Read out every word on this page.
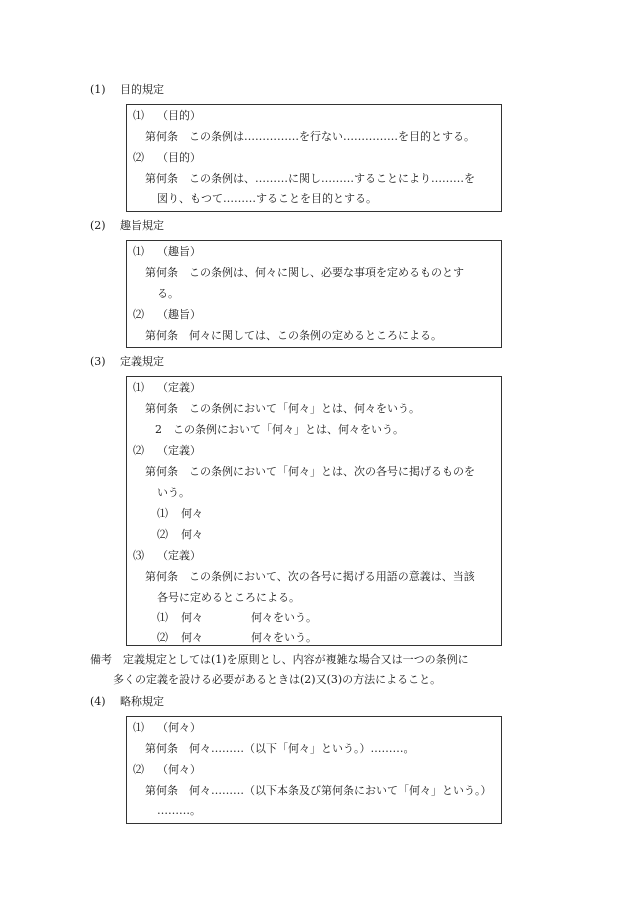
(1) 目的規定
⑴ （目的）
第何条　この条例は……………を行ない……………を目的とする。
⑵ （目的）
第何条　この条例は、………に関し………することにより………を
図り、もつて………することを目的とする。
(2) 趣旨規定
⑴ （趣旨）
第何条　この条例は、何々に関し、必要な事項を定めるものとす
る。
⑵ （趣旨）
第何条　何々に関しては、この条例の定めるところによる。
(3) 定義規定
⑴ （定義）
第何条　この条例において「何々」とは、何々をいう。
2　この条例において「何々」とは、何々をいう。
⑵ （定義）
第何条　この条例において「何々」とは、次の各号に掲げるものを
いう。
⑴ 何々
⑵ 何々
⑶ （定義）
第何条　この条例において、次の各号に掲げる用語の意義は、当該
各号に定めるところによる。
⑴ 何々	何々をいう。
⑵ 何々	何々をいう。
備考　定義規定としては(1)を原則とし、内容が複雑な場合又は一つの条例に
多くの定義を設ける必要があるときは(2)又(3)の方法によること。
(4) 略称規定
⑴ （何々）
第何条　何々………（以下「何々」という。）………。
⑵ （何々）
第何条　何々………（以下本条及び第何条において「何々」という。）
………。
